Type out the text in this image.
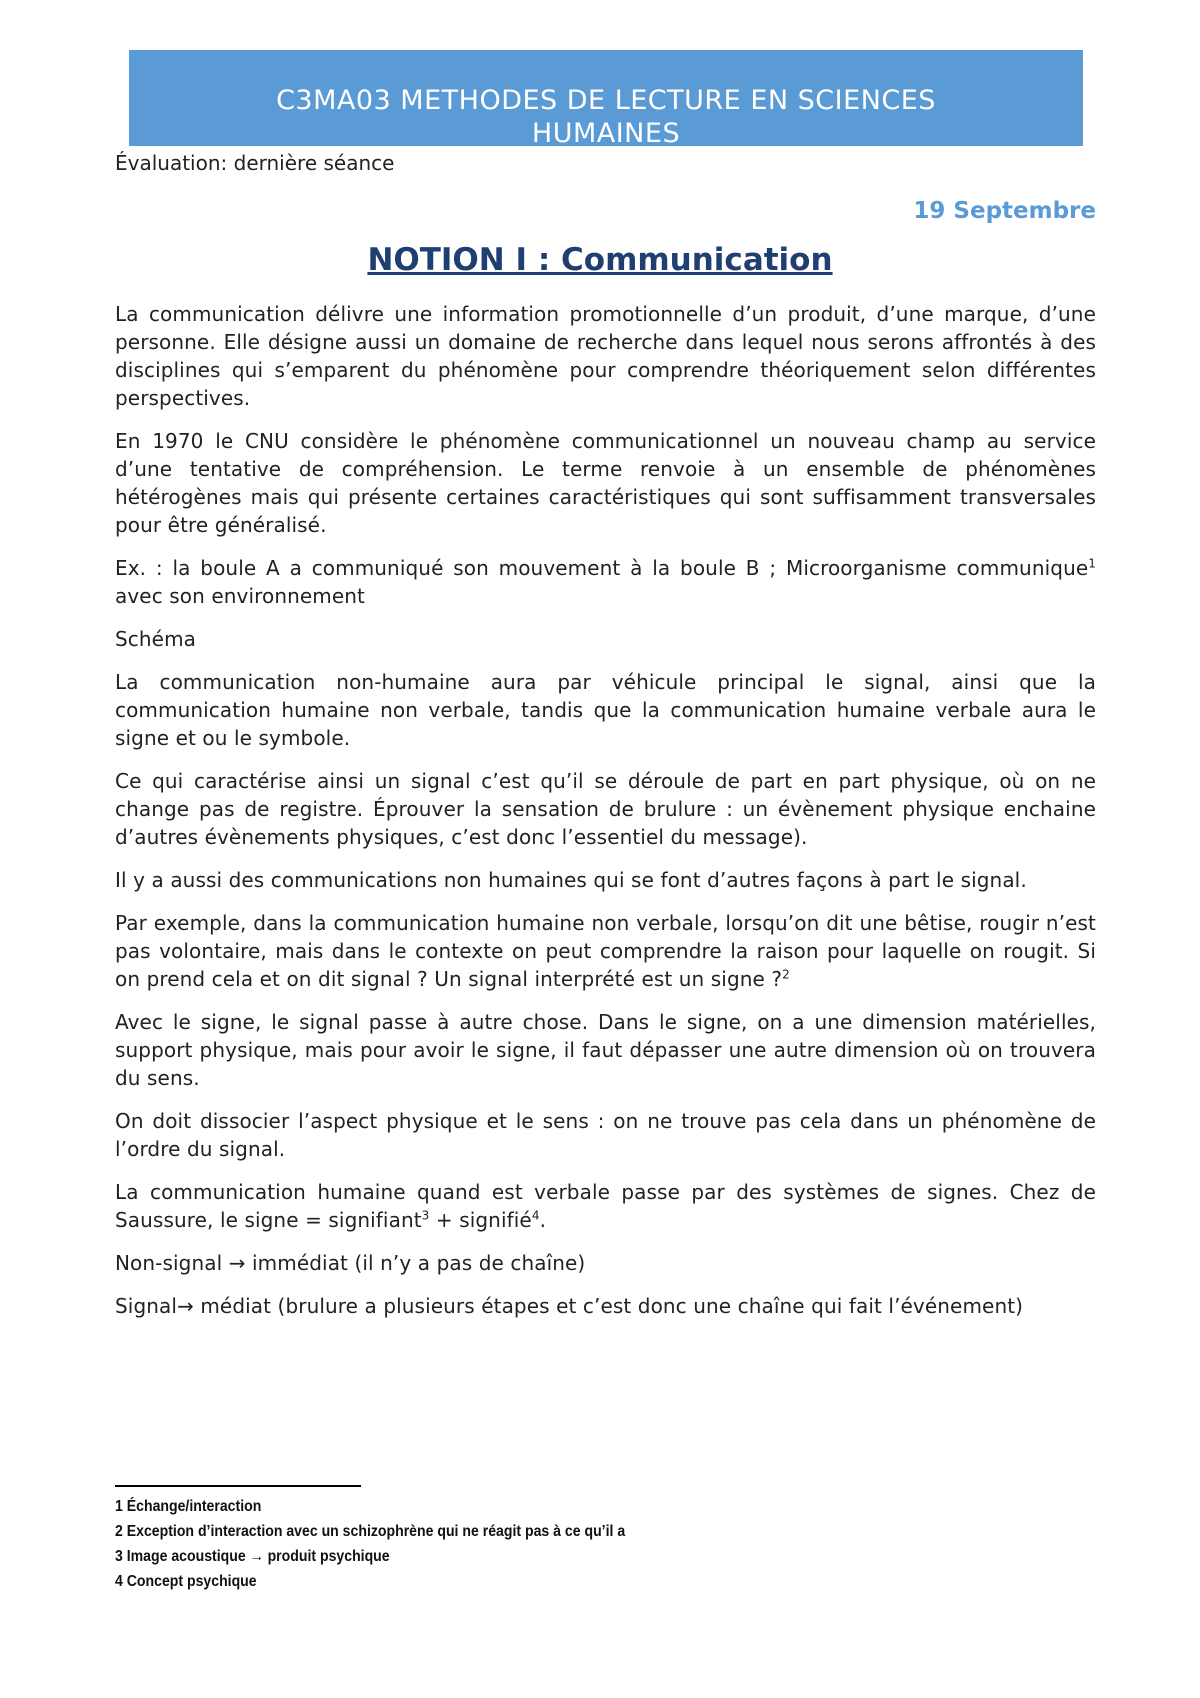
C3MA03 METHODES DE LECTURE EN SCIENCES
HUMAINES
Évaluation: dernière séance
19 Septembre
NOTION I : Communication

La communication délivre une information promotionnelle d’un produit, d’une marque, d’une personne. Elle désigne aussi un domaine de recherche dans lequel nous serons affrontés à des disciplines qui s’emparent du phénomène pour comprendre théoriquement selon différentes perspectives.

En 1970 le CNU considère le phénomène communicationnel un nouveau champ au service d’une tentative de compréhension. Le terme renvoie à un ensemble de phénomènes hétérogènes mais qui présente certaines caractéristiques qui sont suffisamment transversales pour être généralisé.

Ex. : la boule A a communiqué son mouvement à la boule B ; Microorganisme communique$^1$ avec son environnement

Schéma

La communication non-humaine aura par véhicule principal le signal, ainsi que la communication humaine non verbale, tandis que la communication humaine verbale aura le signe et ou le symbole.

Ce qui caractérise ainsi un signal c’est qu’il se déroule de part en part physique, où on ne change pas de registre. Éprouver la sensation de brulure : un évènement physique enchaine d’autres évènements physiques, c’est donc l’essentiel du message).

Il y a aussi des communications non humaines qui se font d’autres façons à part le signal.

Par exemple, dans la communication humaine non verbale, lorsqu’on dit une bêtise, rougir n’est pas volontaire, mais dans le contexte on peut comprendre la raison pour laquelle on rougit. Si on prend cela et on dit signal ? Un signal interprété est un signe ?$^2$

Avec le signe, le signal passe à autre chose. Dans le signe, on a une dimension matérielles, support physique, mais pour avoir le signe, il faut dépasser une autre dimension où on trouvera du sens.

On doit dissocier l’aspect physique et le sens : on ne trouve pas cela dans un phénomène de l’ordre du signal.

La communication humaine quand est verbale passe par des systèmes de signes. Chez de Saussure, le signe = signifiant$^3$ + signifié$^4$.

Non-signal → immédiat (il n’y a pas de chaîne)

Signal→ médiat (brulure a plusieurs étapes et c’est donc une chaîne qui fait l’événement)

1 Échange/interaction
2 Exception d’interaction avec un schizophrène qui ne réagit pas à ce qu’il a
3 Image acoustique → produit psychique
4 Concept psychique
